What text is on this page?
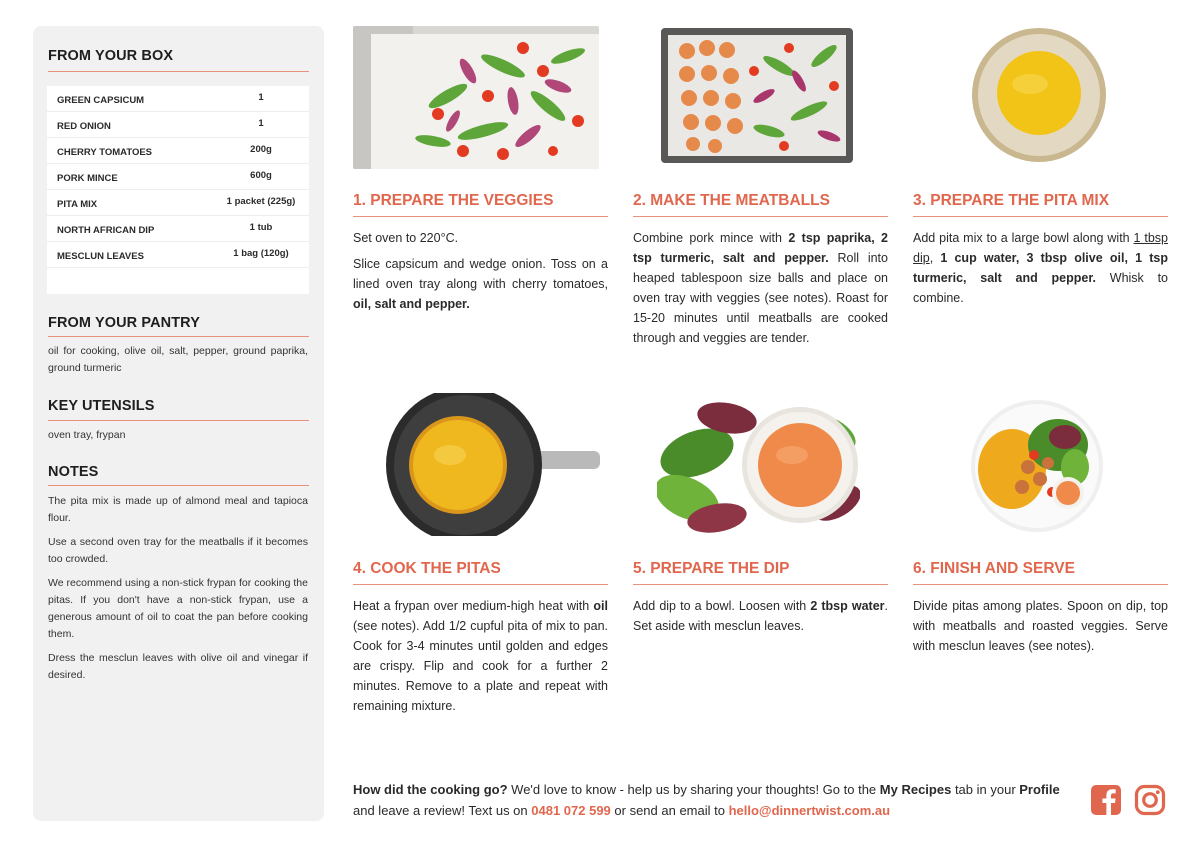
FROM YOUR BOX
GREEN CAPSICUM	1
RED ONION	1
CHERRY TOMATOES	200g
PORK MINCE	600g
PITA MIX	1 packet (225g)
NORTH AFRICAN DIP	1 tub
MESCLUN LEAVES	1 bag (120g)
FROM YOUR PANTRY
oil for cooking, olive oil, salt, pepper, ground paprika, ground turmeric
KEY UTENSILS
oven tray, frypan
NOTES

The pita mix is made up of almond meal and tapioca flour.

Use a second oven tray for the meatballs if it becomes too crowded.

We recommend using a non-stick frypan for cooking the pitas. If you don't have a non-stick frypan, use a generous amount of oil to coat the pan before cooking them.

Dress the mesclun leaves with olive oil and vinegar if desired.

1. PREPARE THE VEGGIES

Set oven to 220°C.

Slice capsicum and wedge onion. Toss on a lined oven tray along with cherry tomatoes, oil, salt and pepper.

2. MAKE THE MEATBALLS

Combine pork mince with 2 tsp paprika, 2 tsp turmeric, salt and pepper. Roll into heaped tablespoon size balls and place on oven tray with veggies (see notes). Roast for 15-20 minutes until meatballs are cooked through and veggies are tender.

3. PREPARE THE PITA MIX

Add pita mix to a large bowl along with 1 tbsp dip, 1 cup water, 3 tbsp olive oil, 1 tsp turmeric, salt and pepper. Whisk to combine.

4. COOK THE PITAS

Heat a frypan over medium-high heat with oil (see notes). Add 1/2 cupful pita of mix to pan. Cook for 3-4 minutes until golden and edges are crispy. Flip and cook for a further 2 minutes. Remove to a plate and repeat with remaining mixture.

5. PREPARE THE DIP

Add dip to a bowl. Loosen with 2 tbsp water. Set aside with mesclun leaves.

6. FINISH AND SERVE

Divide pitas among plates. Spoon on dip, top with meatballs and roasted veggies. Serve with mesclun leaves (see notes).

How did the cooking go? We'd love to know - help us by sharing your thoughts! Go to the My Recipes tab in your Profile and leave a review! Text us on 0481 072 599 or send an email to hello@dinnertwist.com.au
